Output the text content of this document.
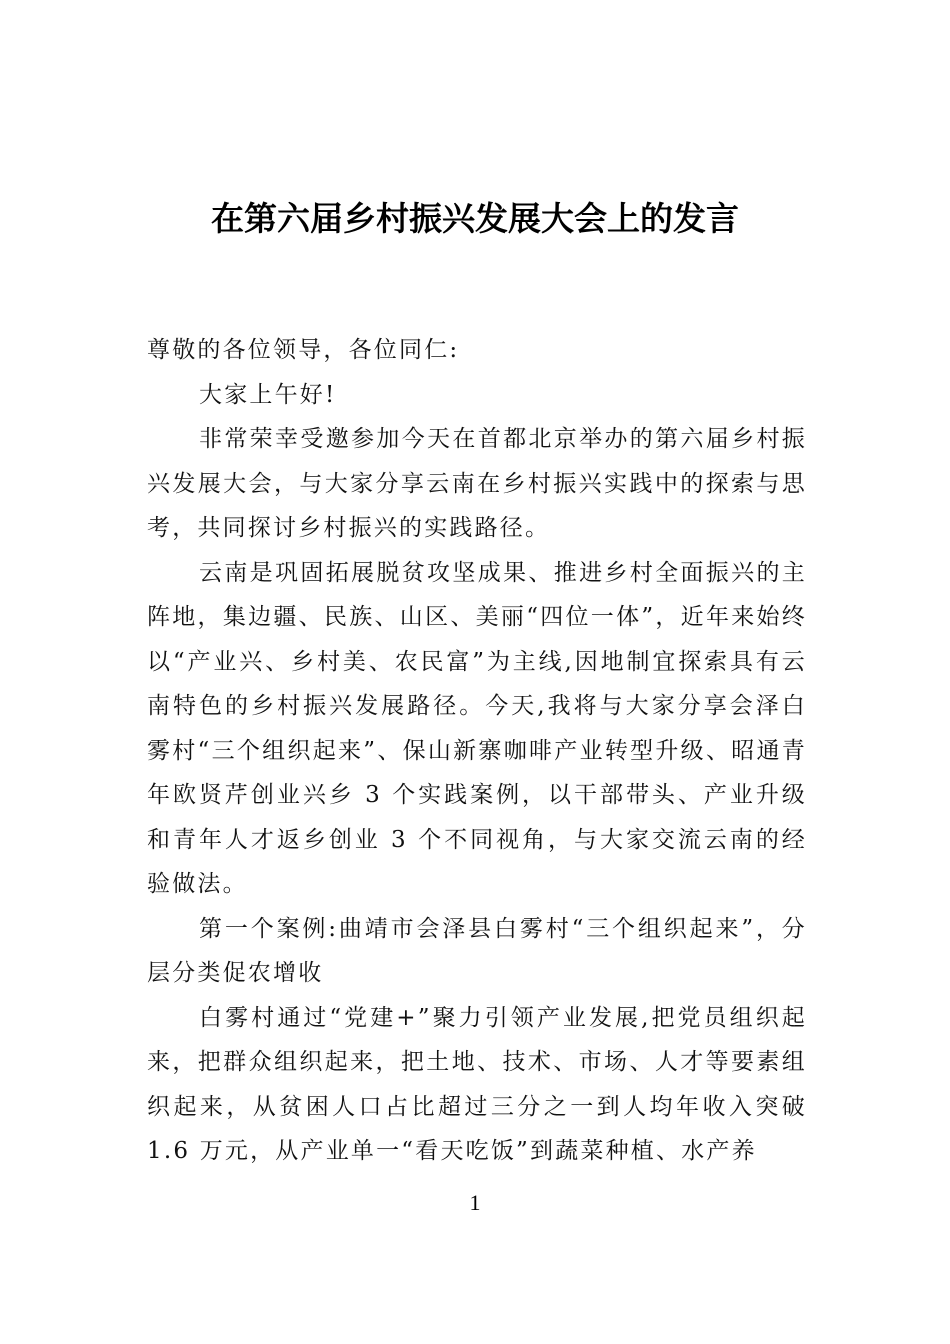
在第六届乡村振兴发展大会上的发言

尊敬的各位领导，各位同仁:

大家上午好!

非常荣幸受邀参加今天在首都北京举办的第六届乡村振兴发展大会，与大家分享云南在乡村振兴实践中的探索与思考，共同探讨乡村振兴的实践路径。

云南是巩固拓展脱贫攻坚成果、推进乡村全面振兴的主阵地，集边疆、民族、山区、美丽“四位一体”，近年来始终以“产业兴、乡村美、农民富”为主线,因地制宜探索具有云南特色的乡村振兴发展路径。今天,我将与大家分享会泽白雾村“三个组织起来”、保山新寨咖啡产业转型升级、昭通青年欧贤芹创业兴乡 3 个实践案例，以干部带头、产业升级和青年人才返乡创业 3 个不同视角，与大家交流云南的经验做法。

第一个案例:曲靖市会泽县白雾村“三个组织起来”，分层分类促农增收

白雾村通过“党建+”聚力引领产业发展,把党员组织起来，把群众组织起来，把土地、技术、市场、人才等要素组织起来，从贫困人口占比超过三分之一到人均年收入突破 1.6 万元，从产业单一“看天吃饭”到蔬菜种植、水产养

1
